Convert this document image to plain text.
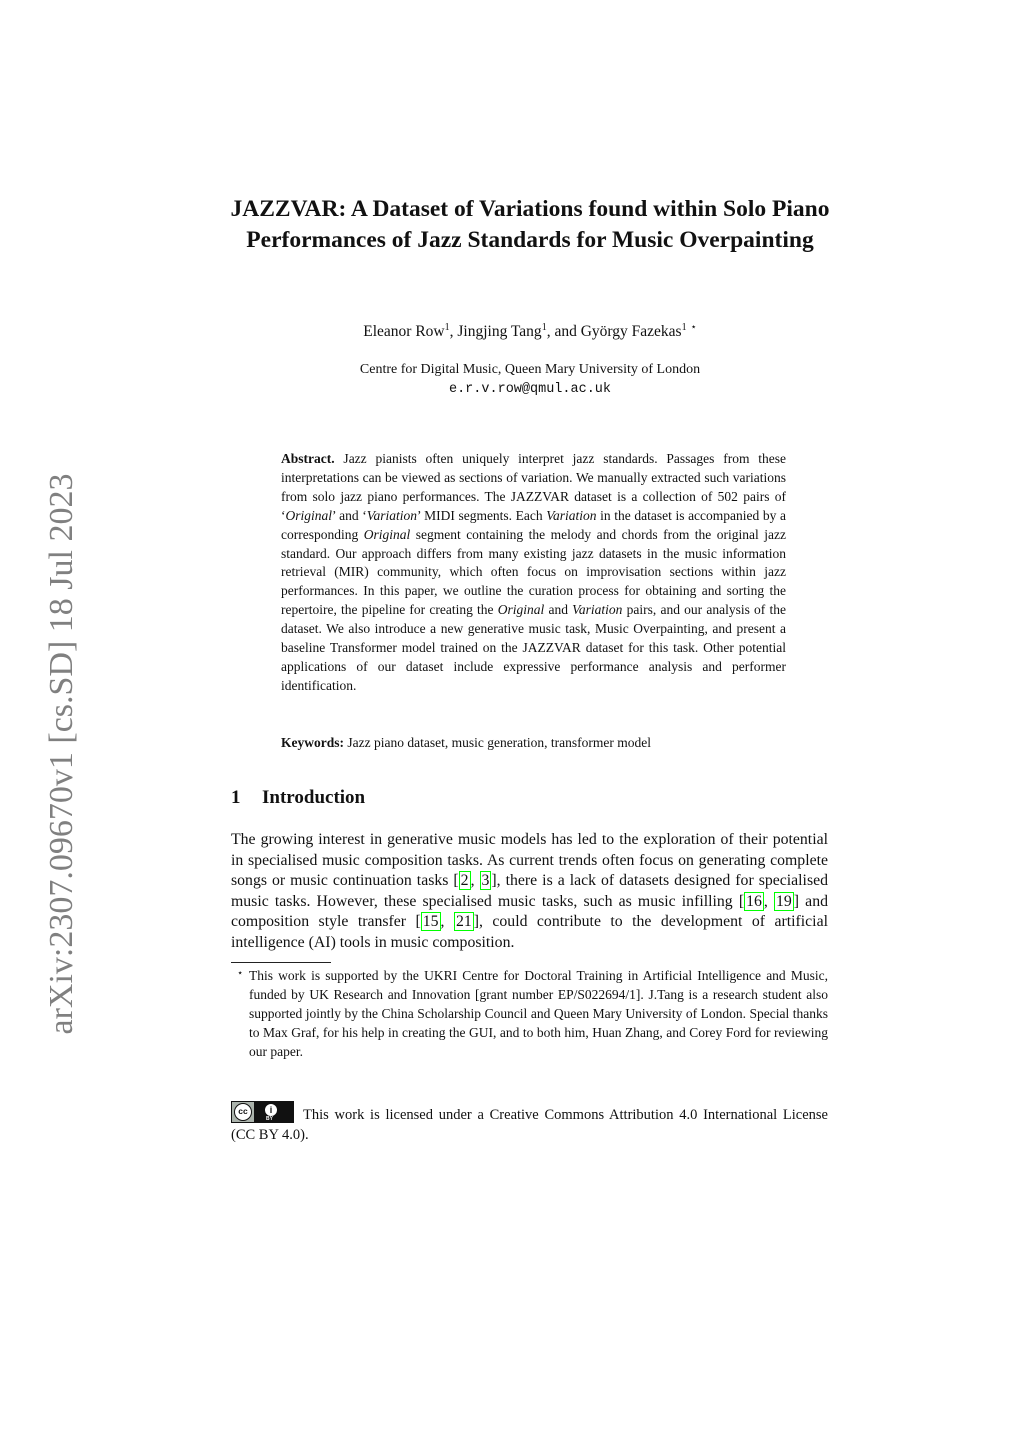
arXiv:2307.09670v1 [cs.SD] 18 Jul 2023
JAZZVAR: A Dataset of Variations found within Solo Piano Performances of Jazz Standards for Music Overpainting
Eleanor Row$^1$, Jingjing Tang$^1$, and György Fazekas$^1$ ⋆
Centre for Digital Music, Queen Mary University of London
e.r.v.row@qmul.ac.uk
Abstract. Jazz pianists often uniquely interpret jazz standards. Passages from these interpretations can be viewed as sections of variation. We manually extracted such variations from solo jazz piano performances. The JAZZVAR dataset is a collection of 502 pairs of ‘Original’ and ‘Variation’ MIDI segments. Each Variation in the dataset is accompanied by a corresponding Original segment containing the melody and chords from the original jazz standard. Our approach differs from many existing jazz datasets in the music information retrieval (MIR) community, which often focus on improvisation sections within jazz performances. In this paper, we outline the curation process for obtaining and sorting the repertoire, the pipeline for creating the Original and Variation pairs, and our analysis of the dataset. We also introduce a new generative music task, Music Overpainting, and present a baseline Transformer model trained on the JAZZVAR dataset for this task. Other potential applications of our dataset include expressive performance analysis and performer identification.
Keywords: Jazz piano dataset, music generation, transformer model
1 Introduction
The growing interest in generative music models has led to the exploration of their potential in specialised music composition tasks. As current trends often focus on generating complete songs or music continuation tasks [ 2 , 3 ], there is a lack of datasets designed for specialised music tasks. However, these specialised music tasks, such as music infilling [ 16 , 19 ] and composition style transfer [ 15 , 21 ], could contribute to the development of artificial intelligence (AI) tools in music composition.
⋆ This work is supported by the UKRI Centre for Doctoral Training in Artificial Intelligence and Music, funded by UK Research and Innovation [grant number EP/S022694/1]. J.Tang is a research student also supported jointly by the China Scholarship Council and Queen Mary University of London. Special thanks to Max Graf, for his help in creating the GUI, and to both him, Huan Zhang, and Corey Ford for reviewing our paper.
cc	i
BY	This work is licensed under a Creative Commons Attribution 4.0 International License (CC BY 4.0).
